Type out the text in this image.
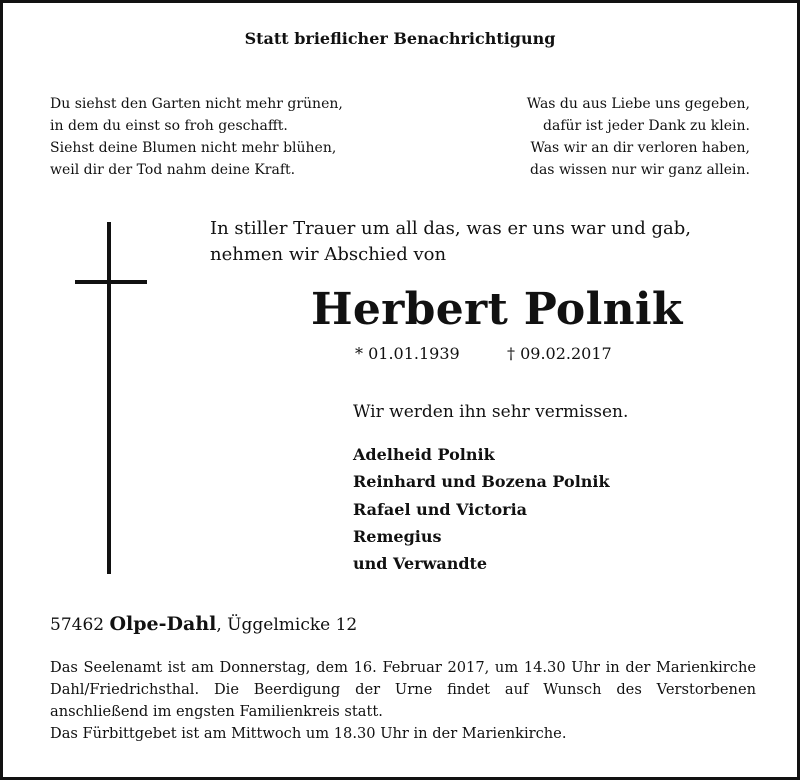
Statt brieflicher Benachrichtigung
Du siehst den Garten nicht mehr grünen,
in dem du einst so froh geschafft.
Siehst deine Blumen nicht mehr blühen,
weil dir der Tod nahm deine Kraft.
Was du aus Liebe uns gegeben,
dafür ist jeder Dank zu klein.
Was wir an dir verloren haben,
das wissen nur wir ganz allein.
In stiller Trauer um all das, was er uns war und gab, nehmen wir Abschied von
Herbert Polnik
* 01.01.1939	† 09.02.2017
Wir werden ihn sehr vermissen.
Adelheid Polnik
Reinhard und Bozena Polnik
Rafael und Victoria
Remegius
und Verwandte
57462 Olpe-Dahl, Üggelmicke 12
Das Seelenamt ist am Donnerstag, dem 16. Februar 2017, um 14.30 Uhr in der Marienkirche Dahl/Friedrichsthal. Die Beerdigung der Urne findet auf Wunsch des Verstorbenen anschließend im engsten Familienkreis statt.
Das Fürbittgebet ist am Mittwoch um 18.30 Uhr in der Marienkirche.
